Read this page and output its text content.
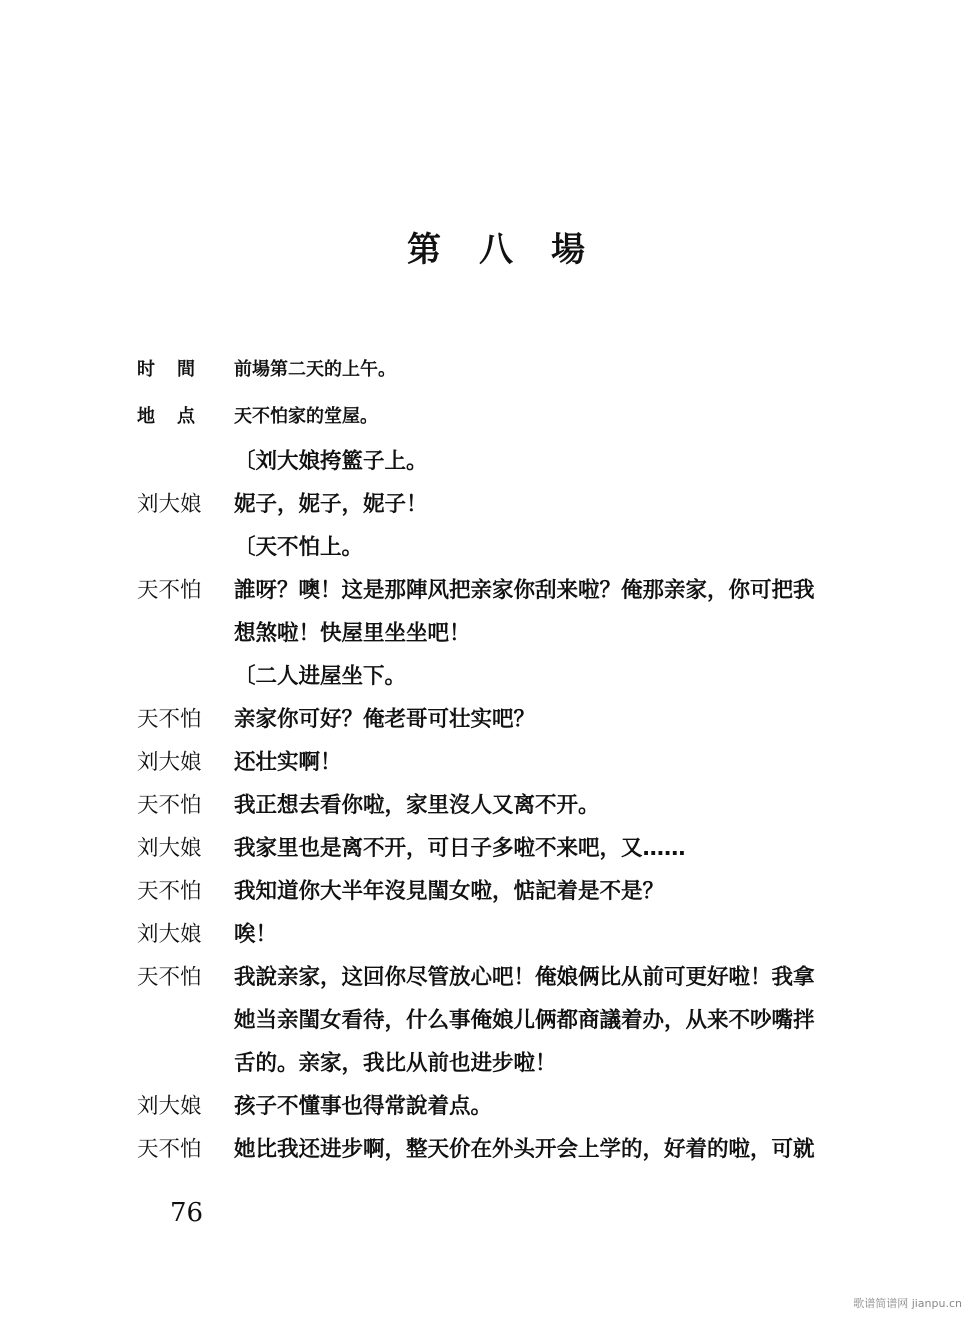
第八場
时間 前場第二天的上午。
地点 天不怕家的堂屋。
〔刘大娘挎籃子上。
刘大娘	妮子，妮子，妮子！
〔天不怕上。
天不怕	誰呀？噢！这是那陣风把亲家你刮来啦？俺那亲家，你可把我
想煞啦！快屋里坐坐吧！
〔二人进屋坐下。
天不怕	亲家你可好？俺老哥可壮实吧？
刘大娘	还壮实啊！
天不怕	我正想去看你啦，家里沒人又离不开。
刘大娘	我家里也是离不开，可日子多啦不来吧，又……
天不怕	我知道你大半年沒見閨女啦，惦記着是不是？
刘大娘	唉！
天不怕	我說亲家，这回你尽管放心吧！俺娘俩比从前可更好啦！我拿
她当亲閨女看待，什么事俺娘儿俩都商議着办，从来不吵嘴拌
舌的。亲家，我比从前也进步啦！
刘大娘	孩子不懂事也得常說着点。
天不怕	她比我还进步啊，整天价在外头开会上学的，好着的啦，可就
76
歌谱简谱网 jianpu.cn
